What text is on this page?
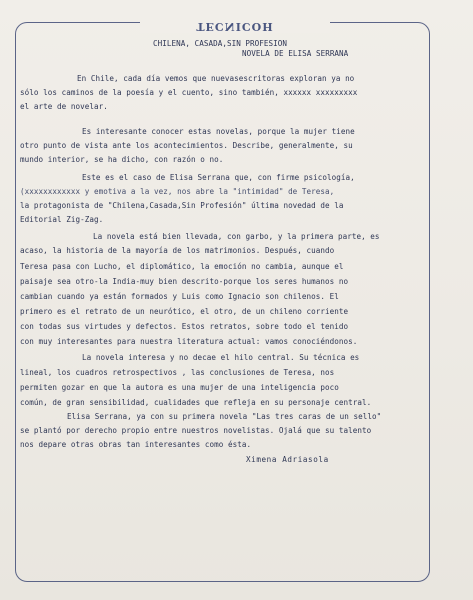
TECNICOH
CHILENA, CASADA,SIN PROFESION
NOVELA DE ELISA SERRANA
En Chile, cada día vemos que nuevasescritoras exploran ya no
sólo los caminos de la poesía y el cuento, sino también, xxxxxx xxxxxxxxx
el arte de novelar.
Es interesante conocer estas novelas, porque la mujer tiene
otro punto de vista ante los acontecimientos. Describe, generalmente, su
mundo interior, se ha dicho, con razón o no.
Este es el caso de Elisa Serrana que, con firme psicología,
(xxxxxxxxxxxx y emotiva a la vez, nos abre la "intimidad" de Teresa,
la protagonista de "Chilena,Casada,Sin Profesión" última novedad de la
Editorial Zig-Zag.
La novela está bien llevada, con garbo, y la primera parte, es
acaso, la historia de la mayoría de los matrimonios. Después, cuando
Teresa pasa con Lucho, el diplomático, la emoción no cambia, aunque el
paisaje sea otro-la India-muy bien descrito-porque los seres humanos no
cambian cuando ya están formados y Luis como Ignacio son chilenos. El
primero es el retrato de un neurótico, el otro, de un chileno corriente
con todas sus virtudes y defectos. Estos retratos, sobre todo el tenido
con muy interesantes para nuestra literatura actual: vamos conociéndonos.
La novela interesa y no decae el hilo central. Su técnica es
lineal, los cuadros retrospectivos , las conclusiones de Teresa, nos
permiten gozar en que la autora es una mujer de una inteligencia poco
común, de gran sensibilidad, cualidades que refleja en su personaje central.
Elisa Serrana, ya con su primera novela "Las tres caras de un sello"
se plantó por derecho propio entre nuestros novelistas. Ojalá que su talento
nos depare otras obras tan interesantes como ésta.
Ximena Adriasola
